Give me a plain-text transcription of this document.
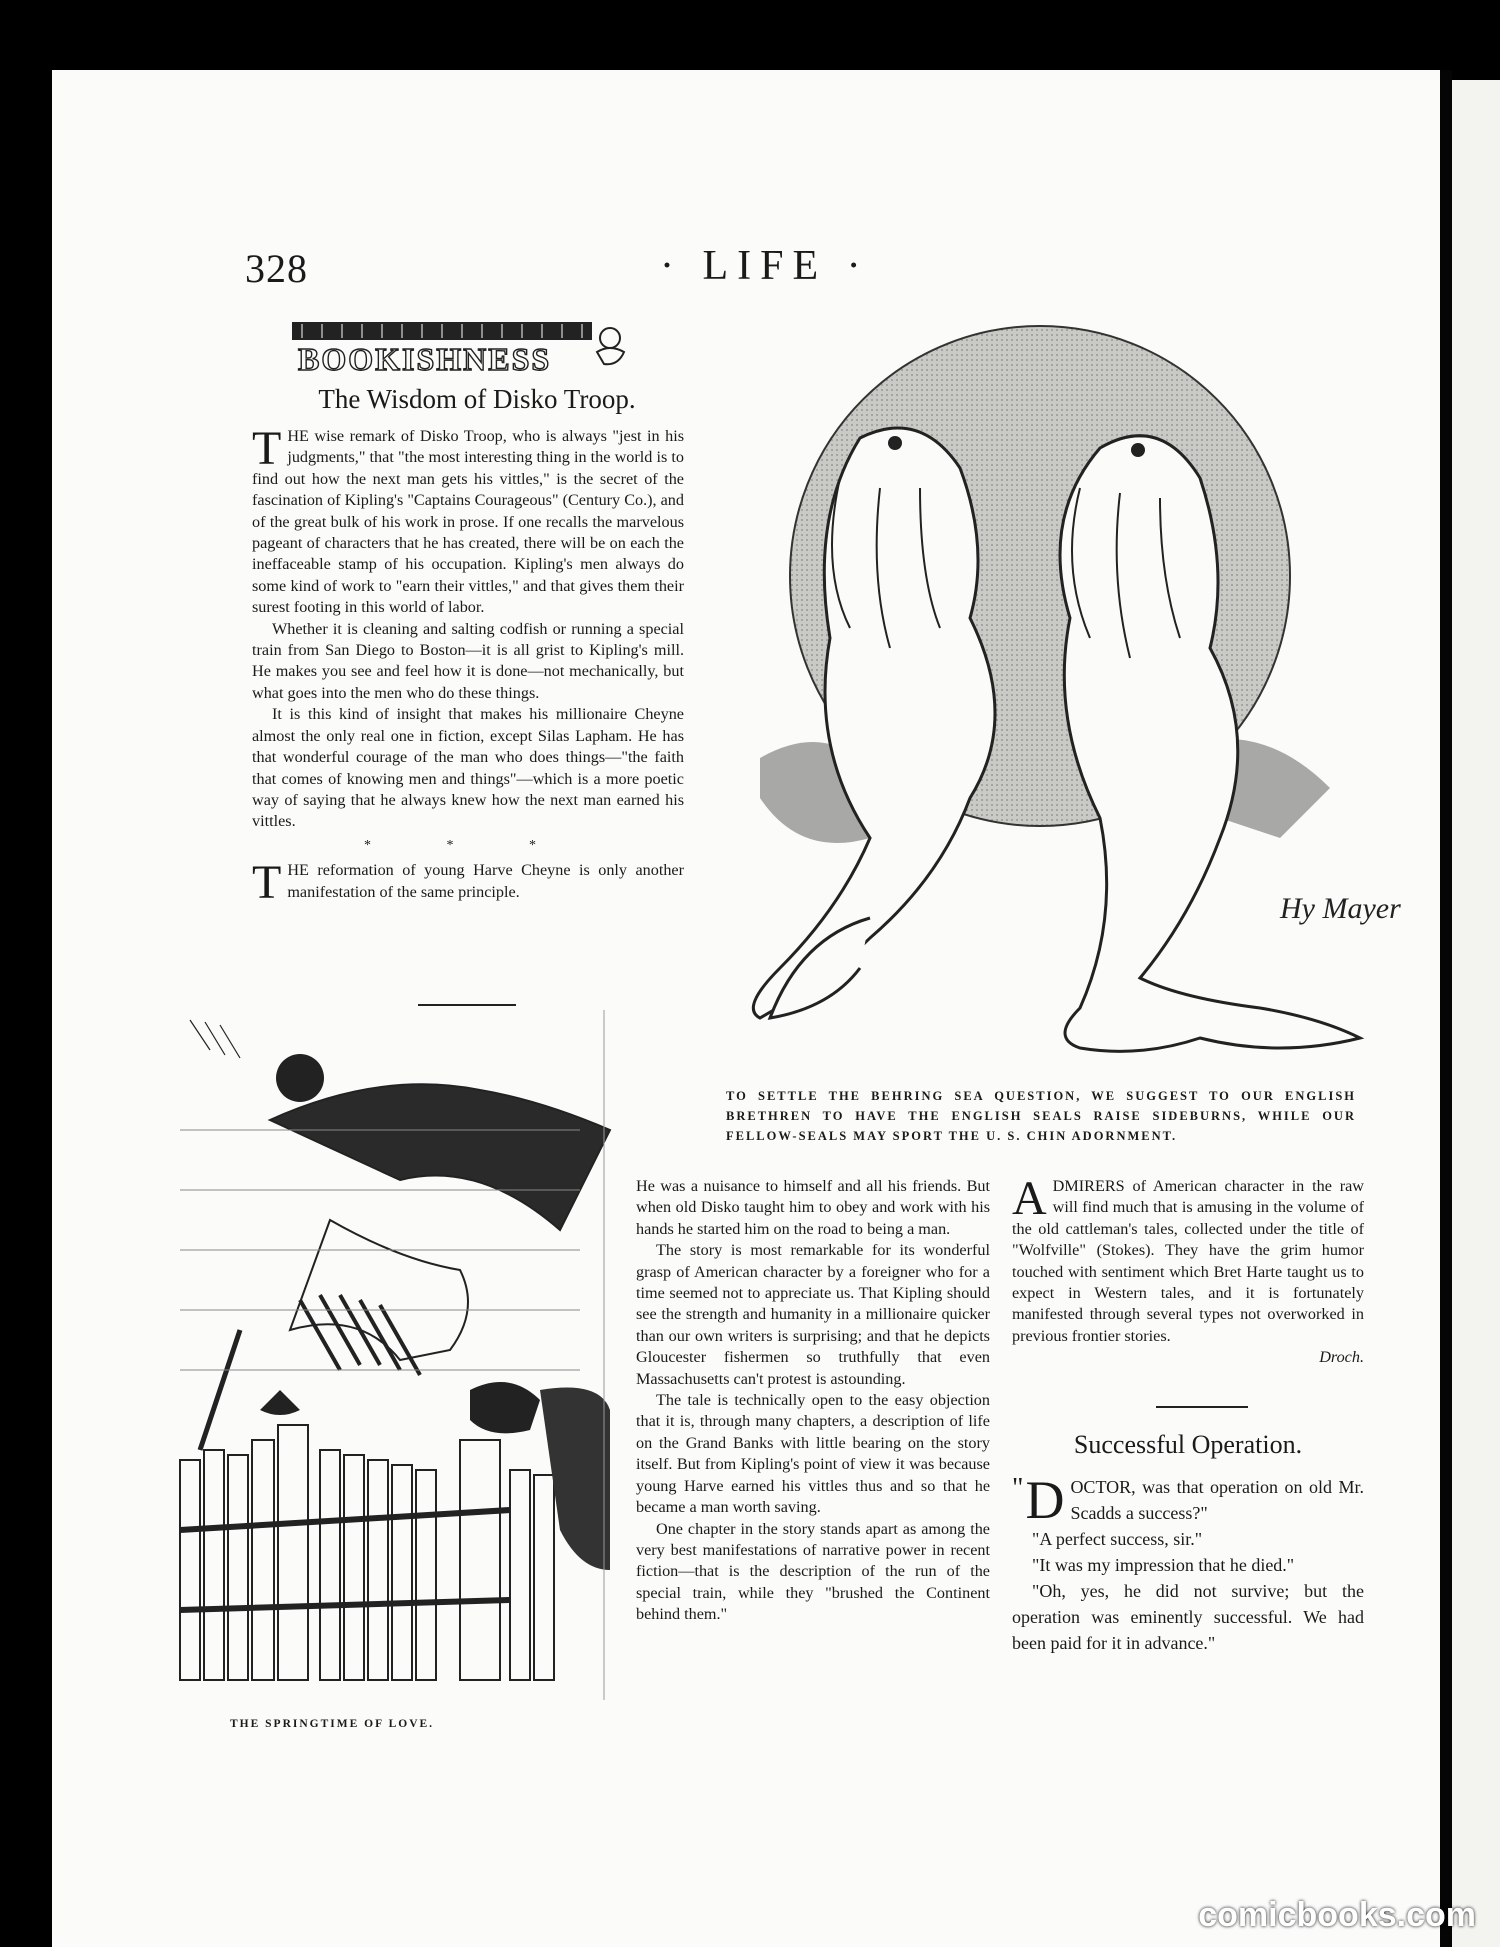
328	· LIFE ·
BOOKISHNESS
The Wisdom of Disko Troop.

THE wise remark of Disko Troop, who is always "jest in his judgments," that "the most interesting thing in the world is to find out how the next man gets his vittles," is the secret of the fascination of Kipling's "Captains Courageous" (Century Co.), and of the great bulk of his work in prose. If one recalls the marvelous pageant of characters that he has created, there will be on each the ineffaceable stamp of his occupation. Kipling's men always do some kind of work to "earn their vittles," and that gives them their surest footing in this world of labor.

Whether it is cleaning and salting codfish or running a special train from San Diego to Boston—it is all grist to Kipling's mill. He makes you see and feel how it is done—not mechanically, but what goes into the men who do these things.

It is this kind of insight that makes his millionaire Cheyne almost the only real one in fiction, except Silas Lapham. He has that wonderful courage of the man who does things—"the faith that comes of knowing men and things"—which is a more poetic way of saying that he always knew how the next man earned his vittles.

* * *

THE reformation of young Harve Cheyne is only another manifestation of the same principle.

Hy Mayer
TO SETTLE THE BEHRING SEA QUESTION, WE SUGGEST TO OUR ENGLISH BRETHREN TO HAVE THE ENGLISH SEALS RAISE SIDEBURNS, WHILE OUR FELLOW-SEALS MAY SPORT THE U. S. CHIN ADORNMENT.
THE SPRINGTIME OF LOVE.

He was a nuisance to himself and all his friends. But when old Disko taught him to obey and work with his hands he started him on the road to being a man.

The story is most remarkable for its wonderful grasp of American character by a foreigner who for a time seemed not to appreciate us. That Kipling should see the strength and humanity in a millionaire quicker than our own writers is surprising; and that he depicts Gloucester fishermen so truthfully that even Massachusetts can't protest is astounding.

The tale is technically open to the easy objection that it is, through many chapters, a description of life on the Grand Banks with little bearing on the story itself. But from Kipling's point of view it was because young Harve earned his vittles thus and so that he became a man worth saving.

One chapter in the story stands apart as among the very best manifestations of narrative power in recent fiction—that is the description of the run of the special train, while they "brushed the Continent behind them."

ADMIRERS of American character in the raw will find much that is amusing in the volume of the old cattleman's tales, collected under the title of "Wolfville" (Stokes). They have the grim humor touched with sentiment which Bret Harte taught us to expect in Western tales, and it is fortunately manifested through several types not overworked in previous frontier stories.

Droch.
Successful Operation.

" D OCTOR, was that operation on old Mr. Scadds a success?"

"A perfect success, sir."

"It was my impression that he died."

"Oh, yes, he did not survive; but the operation was eminently successful. We had been paid for it in advance."

comicbooks.com
